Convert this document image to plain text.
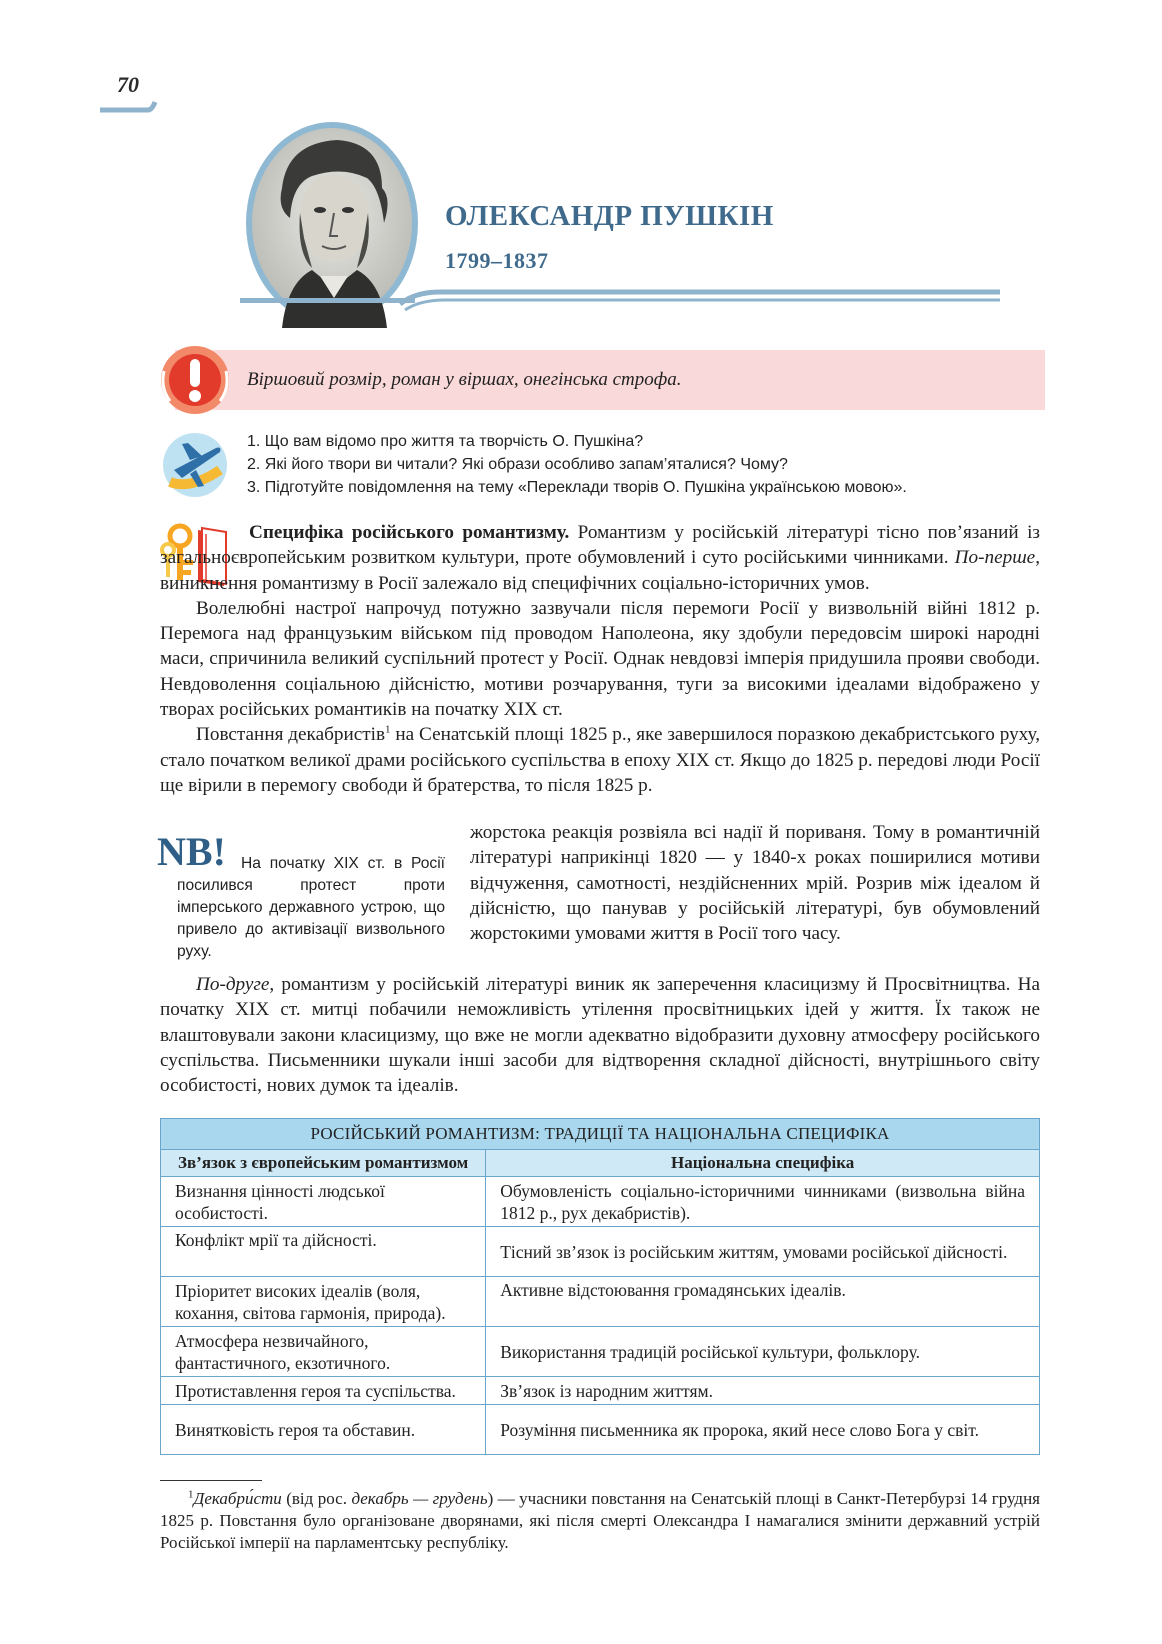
70
ОЛЕКСАНДР ПУШКІН
1799–1837
Віршовий розмір, роман у віршах, онегінська строфа.
1. Що вам відомо про життя та творчість О. Пушкіна?
2. Які його твори ви читали? Які образи особливо запам’яталися? Чому?
3. Підготуйте повідомлення на тему «Переклади творів О. Пушкіна українською мовою».

Специфіка російського романтизму. Романтизм у російській літературі тісно пов’язаний із загальноєвропейським розвитком культури, проте обумовлений і суто російськими чинниками. По-перше, виникнення романтизму в Росії залежало від специфічних соціально-історичних умов.

Волелюбні настрої напрочуд потужно зазвучали після перемоги Росії у визвольній війні 1812 р. Перемога над французьким військом під проводом Наполеона, яку здобули передовсім широкі народні маси, спричинила великий суспільний протест у Росії. Однак невдовзі імперія придушила прояви свободи. Невдоволення соціальною дійсністю, мотиви розчарування, туги за високими ідеалами відображено у творах російських романтиків на початку XIX ст.

Повстання декабристів$^1$ на Сенатській площі 1825 р., яке завершилося поразкою декабристського руху, стало початком великої драми російського суспільства в епоху XIX ст. Якщо до 1825 р. передові люди Росії ще вірили в перемогу свободи й братерства, то після 1825 р.

NB! На початку XIX ст. в Росії посилився протест проти імперського державного устрою, що привело до активізації визвольного руху.

жорстока реакція розвіяла всі надії й пориваня. Тому в романтичній літературі наприкінці 1820 — у 1840-х роках поширилися мотиви відчуження, самотності, нездійсненних мрій. Розрив між ідеалом й дійсністю, що панував у російській літературі, був обумовлений жорстокими умовами життя в Росії того часу.

По-друге, романтизм у російській літературі виник як заперечення класицизму й Просвітництва. На початку XIX ст. митці побачили неможливість утілення просвітницьких ідей у життя. Їх також не влаштовували закони класицизму, що вже не могли адекватно відобразити духовну атмосферу російського суспільства. Письменники шукали інші засоби для відтворення складної дійсності, внутрішнього світу особистості, нових думок та ідеалів.

РОСІЙСЬКИЙ РОМАНТИЗМ: ТРАДИЦІЇ ТА НАЦІОНАЛЬНА СПЕЦИФІКА	
Зв’язок з європейським романтизмом	Національна специфіка
Визнання цінності людської особистості.	Обумовленість соціально-історичними чинниками (визвольна війна 1812 р., рух декабристів).
Конфлікт мрії та дійсності.	Тісний зв’язок із російським життям, умовами російської дійсності.
Пріоритет високих ідеалів (воля, кохання, світова гармонія, природа).	Активне відстоювання громадянських ідеалів.
Атмосфера незвичайного, фантастичного, екзотичного.	Використання традицій російської культури, фольклору.
Протиставлення героя та суспільства.	Зв’язок із народним життям.
Винятковість героя та обставин.	Розуміння письменника як пророка, який несе слово Бога у світ.
$^1$Декабри́сти (від рос. декабрь — грудень) — учасники повстання на Сенатській площі в Санкт-Петербурзі 14 грудня 1825 р. Повстання було організоване дворянами, які після смерті Олександра I намагалися змінити державний устрій Російської імперії на парламентську республіку.
